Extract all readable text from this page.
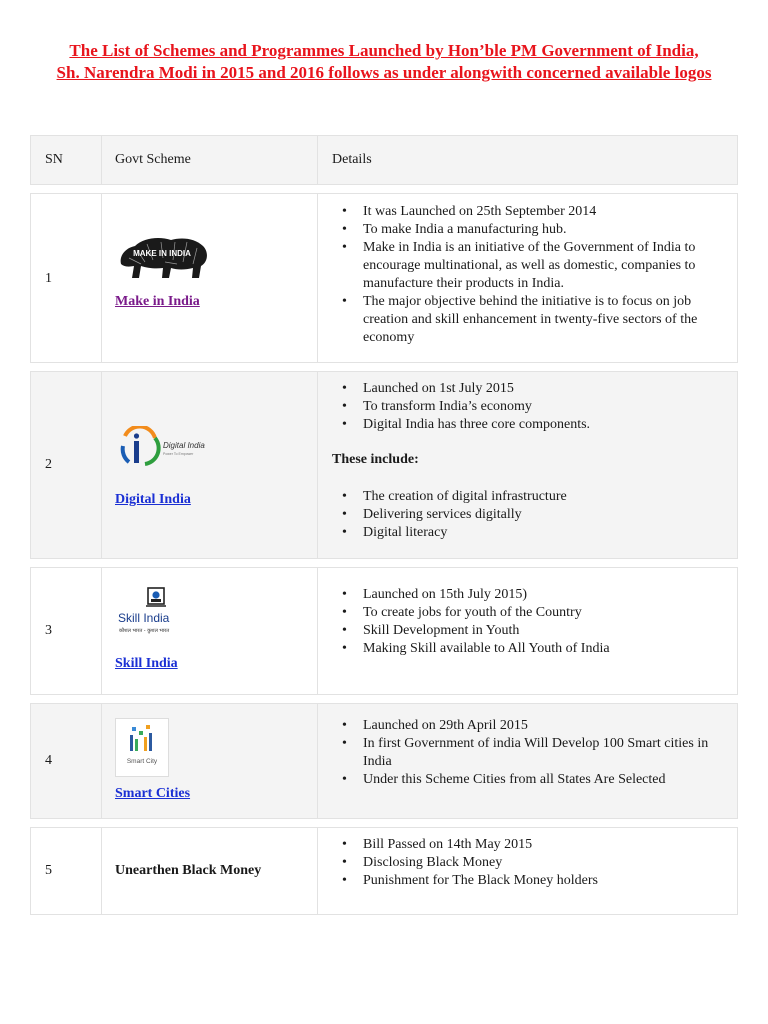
The List of Schemes and Programmes Launched by Hon’ble PM Government of India,
Sh. Narendra Modi in 2015 and 2016 follows as under alongwith concerned available logos
SN	Govt Scheme	Details
1
MAKE IN INDIA
Make in India
• It was Launched on 25th September 2014
• To make India a manufacturing hub.
• Make in India is an initiative of the Government of India to encourage multinational, as well as domestic, companies to manufacture their products in India.
• The major objective behind the initiative is to focus on job creation and skill enhancement in twenty-five sectors of the economy
2
Digital India
Power To Empower
Digital India
• Launched on 1st July 2015
• To transform India’s economy
• Digital India has three core components.
These include:
• The creation of digital infrastructure
• Delivering services digitally
• Digital literacy
3
Skill India
कौशल भारत - कुशल भारत
Skill India
• Launched on 15th July 2015)
• To create jobs for youth of the Country
• Skill Development in Youth
• Making Skill available to All Youth of India
4	Smart City
Smart Cities
• Launched on 29th April 2015
• In first Government of india Will Develop 100 Smart cities in India
• Under this Scheme Cities from all States Are Selected
5	Unearthen Black Money
• Bill Passed on 14th May 2015
• Disclosing Black Money
• Punishment for The Black Money holders
